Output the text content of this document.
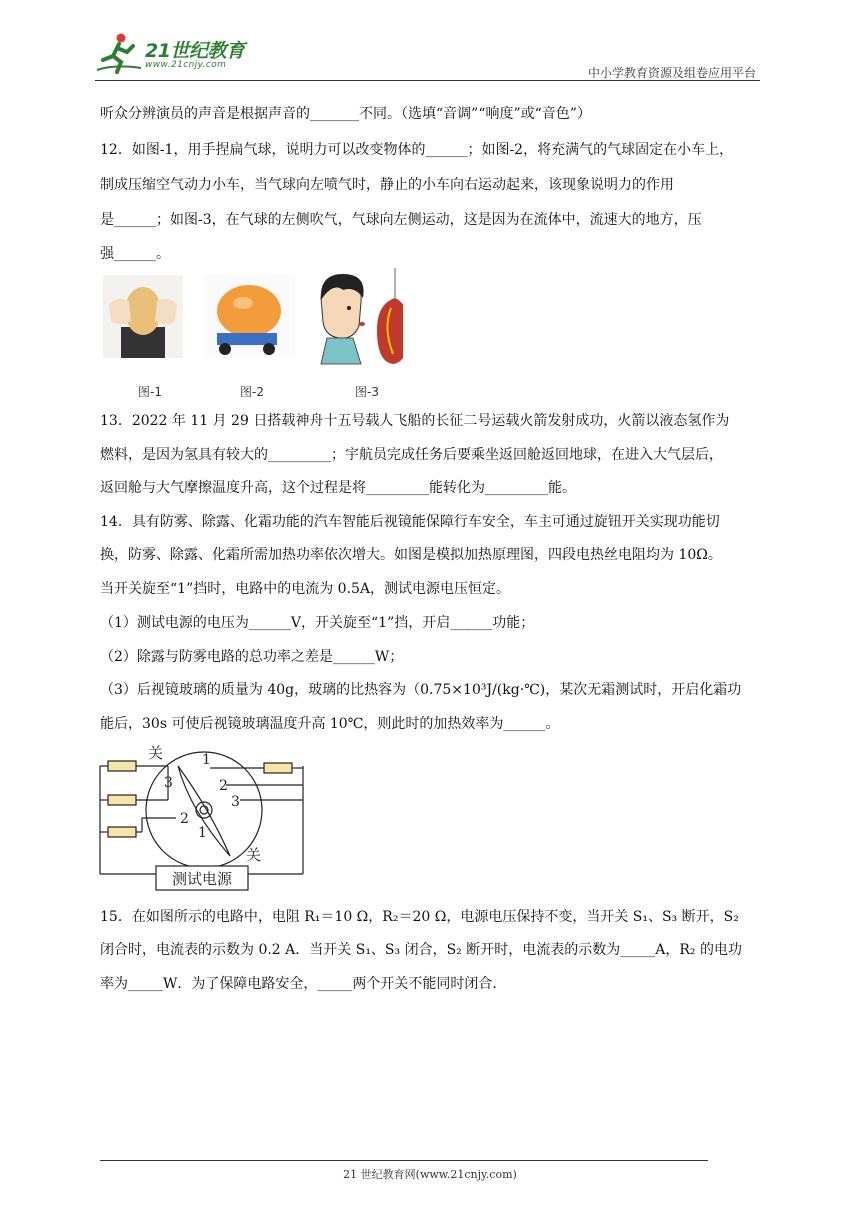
21世纪教育
www.21cnjy.com
中小学教育资源及组卷应用平台
听众分辨演员的声音是根据声音的_______不同。（选填“音调”“响度”或“音色”）
12．如图-1，用手捏扁气球，说明力可以改变物体的______；如图-2，将充满气的气球固定在小车上，
制成压缩空气动力小车，当气球向左喷气时，静止的小车向右运动起来，该现象说明力的作用
是______；如图-3，在气球的左侧吹气，气球向左侧运动，这是因为在流体中，流速大的地方，压
强______。
图-1	图-2	图-3
13．2022 年 11 月 29 日搭载神舟十五号载人飞船的长征二号运载火箭发射成功，火箭以液态氢作为
燃料，是因为氢具有较大的_________；宇航员完成任务后要乘坐返回舱返回地球，在进入大气层后，
返回舱与大气摩擦温度升高，这个过程是将_________能转化为_________能。
14．具有防雾、除露、化霜功能的汽车智能后视镜能保障行车安全，车主可通过旋钮开关实现功能切
换，防雾、除露、化霜所需加热功率依次增大。如图是模拟加热原理图，四段电热丝电阻均为 10Ω。
当开关旋至“1”挡时，电路中的电流为 0.5A，测试电源电压恒定。
（1）测试电源的电压为______V，开关旋至“1”挡，开启______功能；
（2）除露与防雾电路的总功率之差是______W；
（3）后视镜玻璃的质量为 40g，玻璃的比热容为（0.75×10³J/(kg·℃)，某次无霜测试时，开启化霜功
能后，30s 可使后视镜玻璃温度升高 10℃，则此时的加热效率为______。
关
关
1
2
3
3
2
1
测试电源
15．在如图所示的电路中，电阻 R₁＝10 Ω，R₂＝20 Ω，电源电压保持不变，当开关 S₁、S₃ 断开，S₂
闭合时，电流表的示数为 0.2 A．当开关 S₁、S₃ 闭合，S₂ 断开时，电流表的示数为_____A，R₂ 的电功
率为_____W．为了保障电路安全，_____两个开关不能同时闭合．
21 世纪教育网(www.21cnjy.com)
